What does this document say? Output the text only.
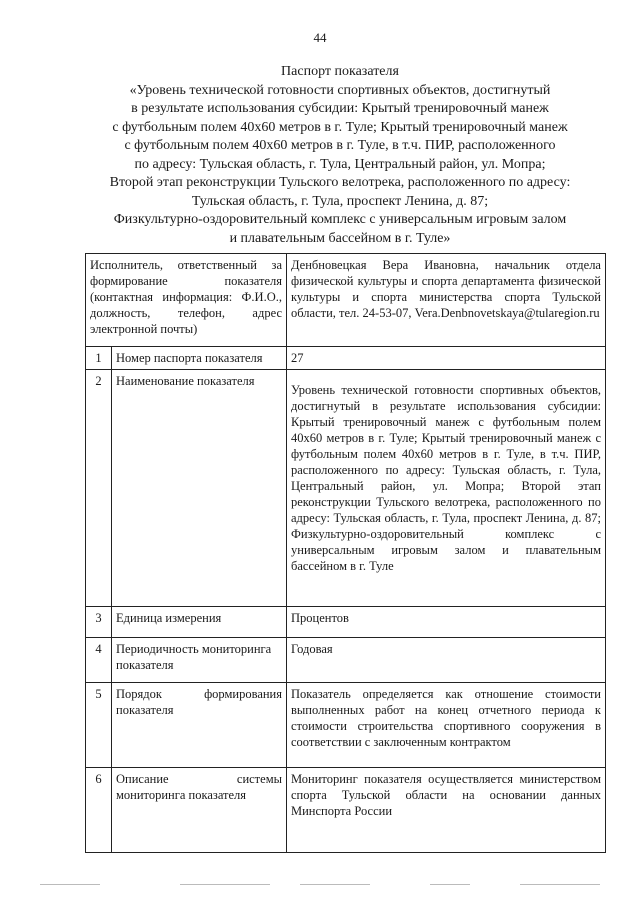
44
Паспорт показателя
«Уровень технической готовности спортивных объектов, достигнутый
в результате использования субсидии: Крытый тренировочный манеж
с футбольным полем 40х60 метров в г. Туле; Крытый тренировочный манеж
с футбольным полем 40х60 метров в г. Туле, в т.ч. ПИР, расположенного
по адресу: Тульская область, г. Тула, Центральный район, ул. Мопра;
Второй этап реконструкции Тульского велотрека, расположенного по адресу:
Тульская область, г. Тула, проспект Ленина, д. 87;
Физкультурно-оздоровительный комплекс с универсальным игровым залом
и плавательным бассейном в г. Туле»
Исполнитель, ответственный за формирование показателя (контактная информация: Ф.И.О., должность, телефон, адрес электронной почты)		Денбновецкая Вера Ивановна, начальник отдела физической культуры и спорта департамента физической культуры и спорта министерства спорта Тульской области, тел. 24-53-07, Vera.Denbnovetskaya@tularegion.ru
1	Номер паспорта показателя	27
2	Наименование показателя	Уровень технической готовности спортивных объектов, достигнутый в результате использования субсидии: Крытый тренировочный манеж с футбольным полем 40х60 метров в г. Туле; Крытый тренировочный манеж с футбольным полем 40х60 метров в г. Туле, в т.ч. ПИР, расположенного по адресу: Тульская область, г. Тула, Центральный район, ул. Мопра; Второй этап реконструкции Тульского велотрека, расположенного по адресу: Тульская область, г. Тула, проспект Ленина, д. 87; Физкультурно-оздоровительный комплекс с универсальным игровым залом и плавательным бассейном в г. Туле
3	Единица измерения	Процентов
4	Периодичность мониторинга показателя	Годовая
5	Порядок формирования показателя	Показатель определяется как отношение стоимости выполненных работ на конец отчетного периода к стоимости строительства спортивного сооружения в соответствии с заключенным контрактом
6	Описание системы мониторинга показателя	Мониторинг показателя осуществляется министерством спорта Тульской области на основании данных Минспорта России
